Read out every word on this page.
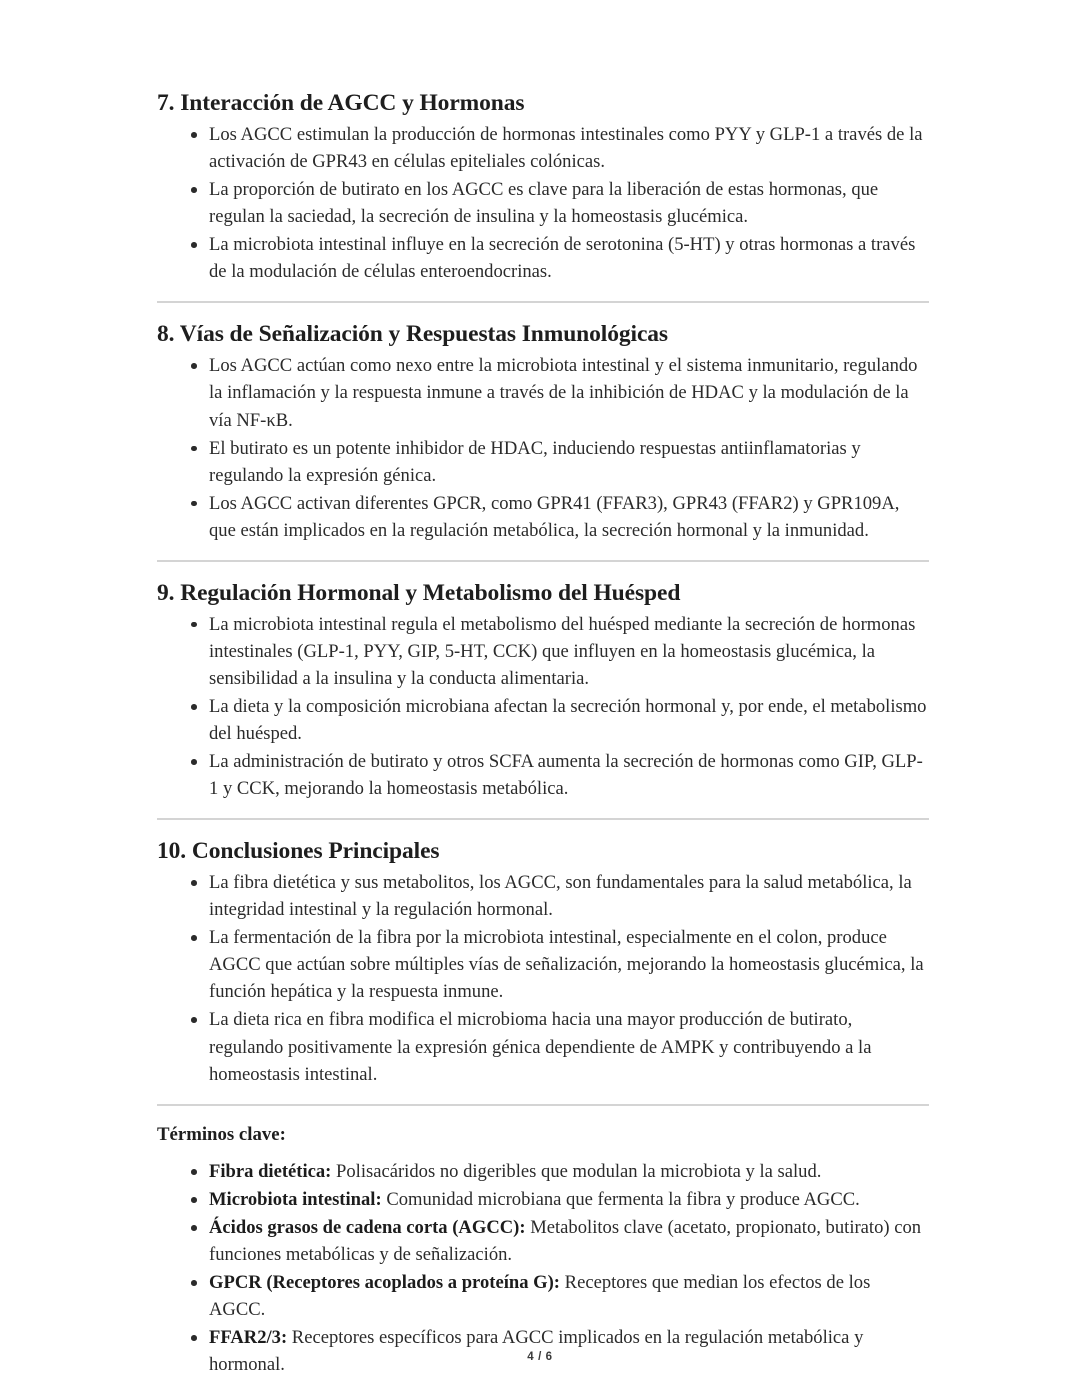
7. Interacción de AGCC y Hormonas
Los AGCC estimulan la producción de hormonas intestinales como PYY y GLP-1 a través de la activación de GPR43 en células epiteliales colónicas.
La proporción de butirato en los AGCC es clave para la liberación de estas hormonas, que regulan la saciedad, la secreción de insulina y la homeostasis glucémica.
La microbiota intestinal influye en la secreción de serotonina (5-HT) y otras hormonas a través de la modulación de células enteroendocrinas.
8. Vías de Señalización y Respuestas Inmunológicas
Los AGCC actúan como nexo entre la microbiota intestinal y el sistema inmunitario, regulando la inflamación y la respuesta inmune a través de la inhibición de HDAC y la modulación de la vía NF-κB.
El butirato es un potente inhibidor de HDAC, induciendo respuestas antiinflamatorias y regulando la expresión génica.
Los AGCC activan diferentes GPCR, como GPR41 (FFAR3), GPR43 (FFAR2) y GPR109A, que están implicados en la regulación metabólica, la secreción hormonal y la inmunidad.
9. Regulación Hormonal y Metabolismo del Huésped
La microbiota intestinal regula el metabolismo del huésped mediante la secreción de hormonas intestinales (GLP-1, PYY, GIP, 5-HT, CCK) que influyen en la homeostasis glucémica, la sensibilidad a la insulina y la conducta alimentaria.
La dieta y la composición microbiana afectan la secreción hormonal y, por ende, el metabolismo del huésped.
La administración de butirato y otros SCFA aumenta la secreción de hormonas como GIP, GLP-1 y CCK, mejorando la homeostasis metabólica.
10. Conclusiones Principales
La fibra dietética y sus metabolitos, los AGCC, son fundamentales para la salud metabólica, la integridad intestinal y la regulación hormonal.
La fermentación de la fibra por la microbiota intestinal, especialmente en el colon, produce AGCC que actúan sobre múltiples vías de señalización, mejorando la homeostasis glucémica, la función hepática y la respuesta inmune.
La dieta rica en fibra modifica el microbioma hacia una mayor producción de butirato, regulando positivamente la expresión génica dependiente de AMPK y contribuyendo a la homeostasis intestinal.
Términos clave:
Fibra dietética: Polisacáridos no digeribles que modulan la microbiota y la salud.
Microbiota intestinal: Comunidad microbiana que fermenta la fibra y produce AGCC.
Ácidos grasos de cadena corta (AGCC): Metabolitos clave (acetato, propionato, butirato) con funciones metabólicas y de señalización.
GPCR (Receptores acoplados a proteína G): Receptores que median los efectos de los AGCC.
FFAR2/3: Receptores específicos para AGCC implicados en la regulación metabólica y hormonal.	4 / 6
